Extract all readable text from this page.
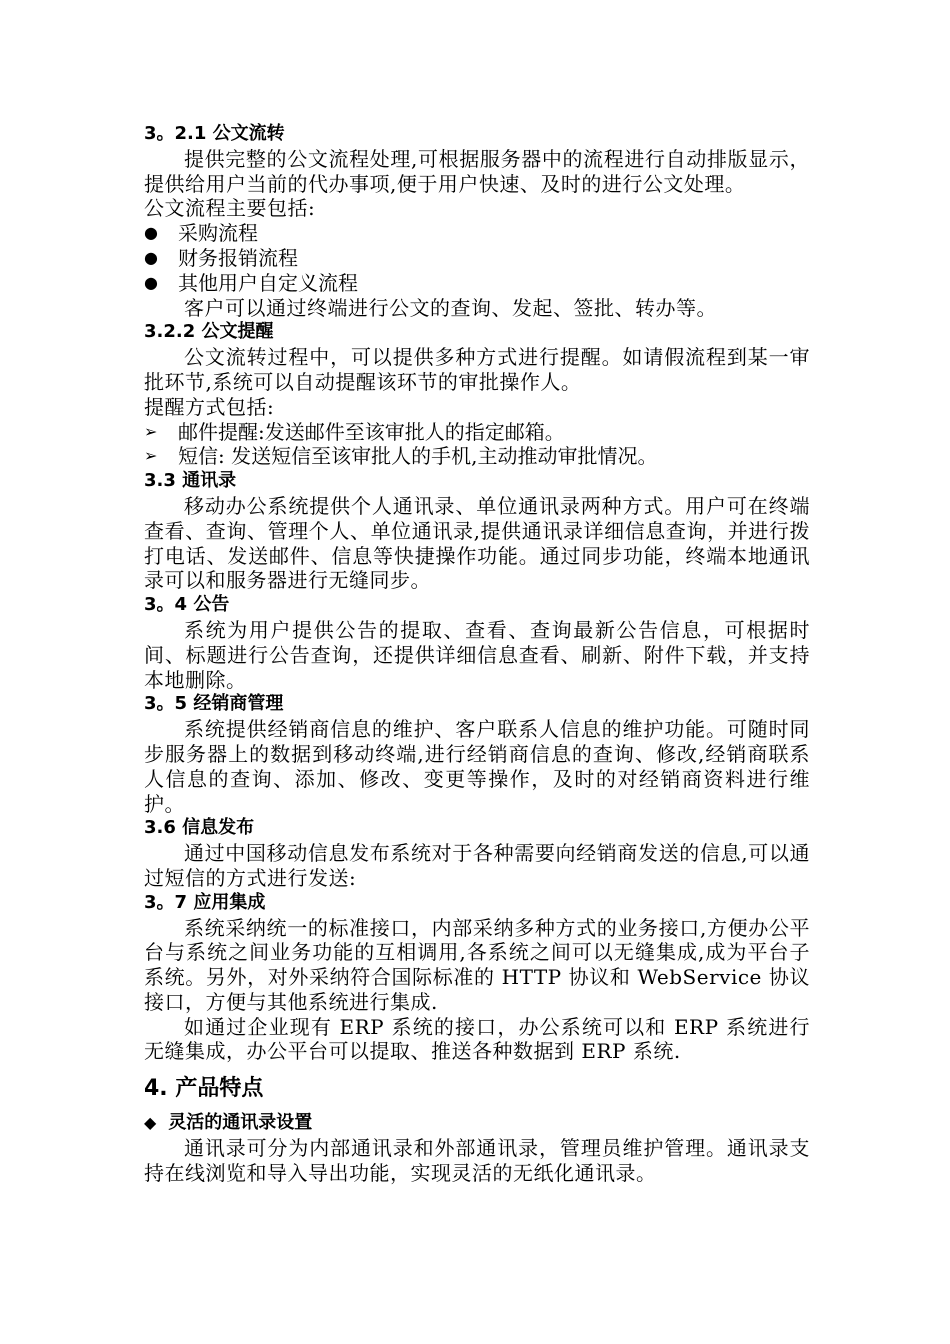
3。2.1 公文流转

提供完整的公文流程处理,可根据服务器中的流程进行自动排版显示，提供给用户当前的代办事项,便于用户快速、及时的进行公文处理。

公文流程主要包括:

●	采购流程
●	财务报销流程
●	其他用户自定义流程

客户可以通过终端进行公文的查询、发起、签批、转办等。

3.2.2 公文提醒

公文流转过程中，可以提供多种方式进行提醒。如请假流程到某一审批环节,系统可以自动提醒该环节的审批操作人。

提醒方式包括:

➢	邮件提醒:发送邮件至该审批人的指定邮箱。
➢	短信: 发送短信至该审批人的手机,主动推动审批情况。

3.3 通讯录

移动办公系统提供个人通讯录、单位通讯录两种方式。用户可在终端查看、查询、管理个人、单位通讯录,提供通讯录详细信息查询，并进行拨打电话、发送邮件、信息等快捷操作功能。通过同步功能，终端本地通讯录可以和服务器进行无缝同步。

3。4 公告

系统为用户提供公告的提取、查看、查询最新公告信息，可根据时间、标题进行公告查询，还提供详细信息查看、刷新、附件下载，并支持本地删除。

3。5 经销商管理

系统提供经销商信息的维护、客户联系人信息的维护功能。可随时同步服务器上的数据到移动终端,进行经销商信息的查询、修改,经销商联系人信息的查询、添加、修改、变更等操作，及时的对经销商资料进行维护。

3.6 信息发布

通过中国移动信息发布系统对于各种需要向经销商发送的信息,可以通过短信的方式进行发送:

3。7 应用集成

系统采纳统一的标准接口，内部采纳多种方式的业务接口,方便办公平台与系统之间业务功能的互相调用,各系统之间可以无缝集成,成为平台子系统。另外，对外采纳符合国际标准的 HTTP 协议和 WebService 协议接口，方便与其他系统进行集成.

如通过企业现有 ERP 系统的接口，办公系统可以和 ERP 系统进行无缝集成，办公平台可以提取、推送各种数据到 ERP 系统.

4. 产品特点

◆ 灵活的通讯录设置

通讯录可分为内部通讯录和外部通讯录，管理员维护管理。通讯录支持在线浏览和导入导出功能，实现灵活的无纸化通讯录。
